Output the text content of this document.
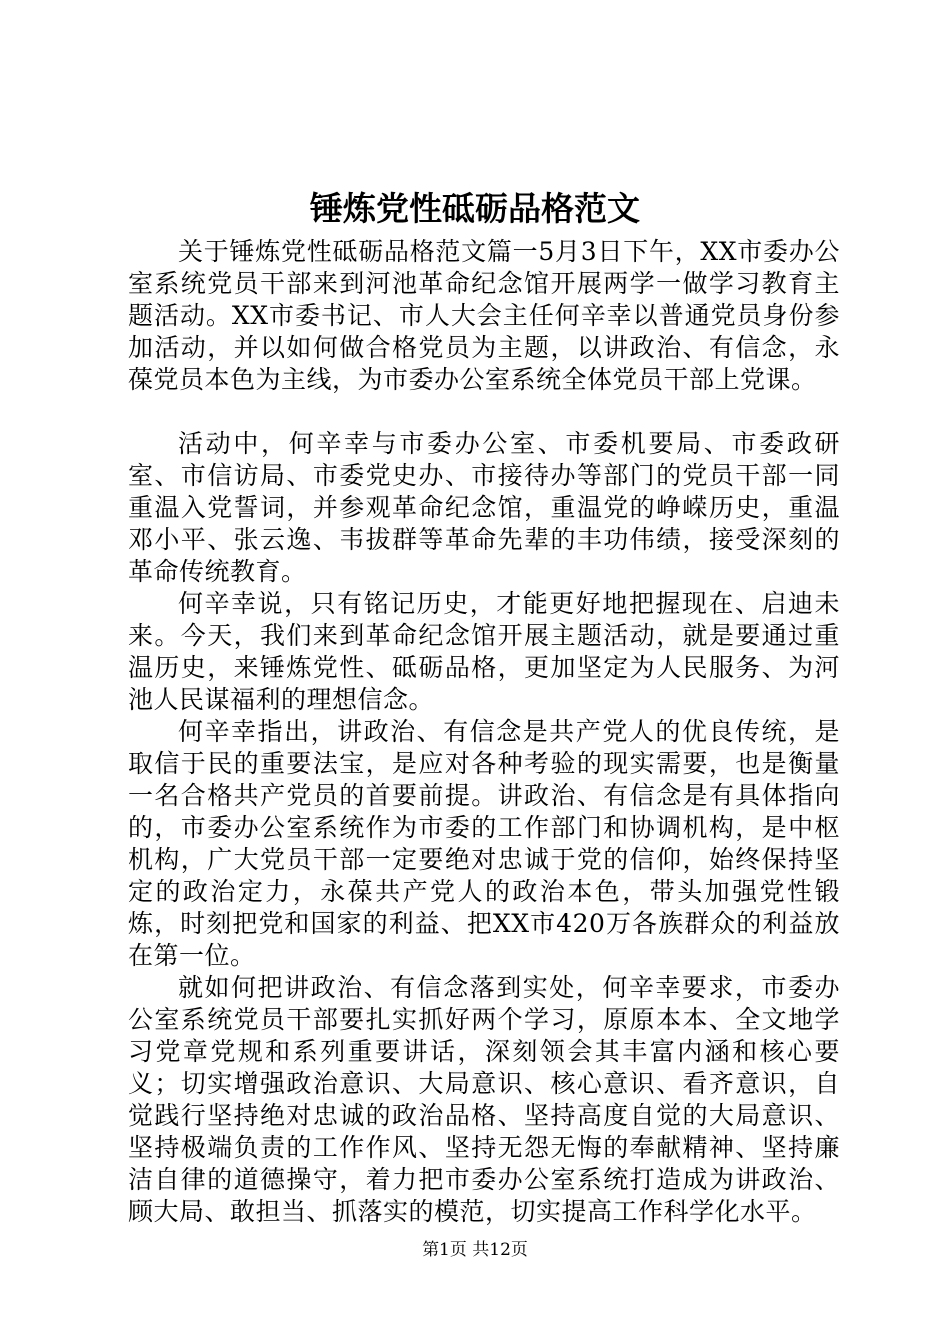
锤炼党性砥砺品格范文

关于锤炼党性砥砺品格范文篇一5月3日下午，XX市委办公室系统党员干部来到河池革命纪念馆开展两学一做学习教育主题活动。XX市委书记、市人大会主任何辛幸以普通党员身份参加活动，并以如何做合格党员为主题，以讲政治、有信念，永葆党员本色为主线，为市委办公室系统全体党员干部上党课。

活动中，何辛幸与市委办公室、市委机要局、市委政研室、市信访局、市委党史办、市接待办等部门的党员干部一同重温入党誓词，并参观革命纪念馆，重温党的峥嵘历史，重温邓小平、张云逸、韦拔群等革命先辈的丰功伟绩，接受深刻的革命传统教育。

何辛幸说，只有铭记历史，才能更好地把握现在、启迪未来。今天，我们来到革命纪念馆开展主题活动，就是要通过重温历史，来锤炼党性、砥砺品格，更加坚定为人民服务、为河池人民谋福利的理想信念。

何辛幸指出，讲政治、有信念是共产党人的优良传统，是取信于民的重要法宝，是应对各种考验的现实需要，也是衡量一名合格共产党员的首要前提。讲政治、有信念是有具体指向的，市委办公室系统作为市委的工作部门和协调机构，是中枢机构，广大党员干部一定要绝对忠诚于党的信仰，始终保持坚定的政治定力，永葆共产党人的政治本色，带头加强党性锻炼，时刻把党和国家的利益、把XX市420万各族群众的利益放在第一位。

就如何把讲政治、有信念落到实处，何辛幸要求，市委办公室系统党员干部要扎实抓好两个学习，原原本本、全文地学习党章党规和系列重要讲话，深刻领会其丰富内涵和核心要义；切实增强政治意识、大局意识、核心意识、看齐意识，自觉践行坚持绝对忠诚的政治品格、坚持高度自觉的大局意识、坚持极端负责的工作作风、坚持无怨无悔的奉献精神、坚持廉洁自律的道德操守，着力把市委办公室系统打造成为讲政治、顾大局、敢担当、抓落实的模范，切实提高工作科学化水平。

第1页 共12页
